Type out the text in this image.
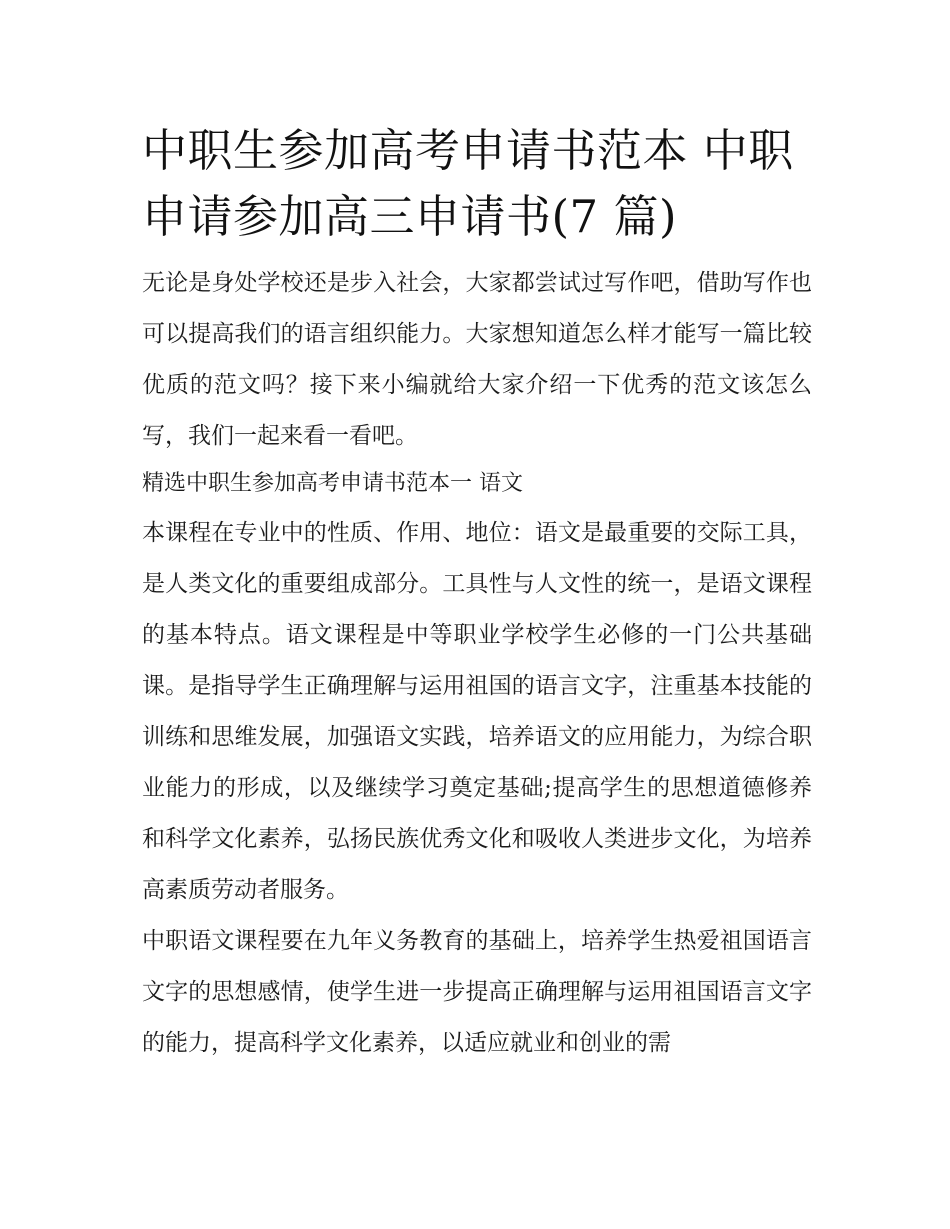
中职生参加高考申请书范本 中职申请参加高三申请书(7 篇)

无论是身处学校还是步入社会，大家都尝试过写作吧，借助写作也可以提高我们的语言组织能力。大家想知道怎么样才能写一篇比较优质的范文吗？接下来小编就给大家介绍一下优秀的范文该怎么写，我们一起来看一看吧。

精选中职生参加高考申请书范本一 语文

本课程在专业中的性质、作用、地位：语文是最重要的交际工具，是人类文化的重要组成部分。工具性与人文性的统一，是语文课程的基本特点。语文课程是中等职业学校学生必修的一门公共基础课。是指导学生正确理解与运用祖国的语言文字，注重基本技能的训练和思维发展，加强语文实践，培养语文的应用能力，为综合职业能力的形成，以及继续学习奠定基础;提高学生的思想道德修养和科学文化素养，弘扬民族优秀文化和吸收人类进步文化，为培养高素质劳动者服务。

中职语文课程要在九年义务教育的基础上，培养学生热爱祖国语言文字的思想感情，使学生进一步提高正确理解与运用祖国语言文字的能力，提高科学文化素养，以适应就业和创业的需
